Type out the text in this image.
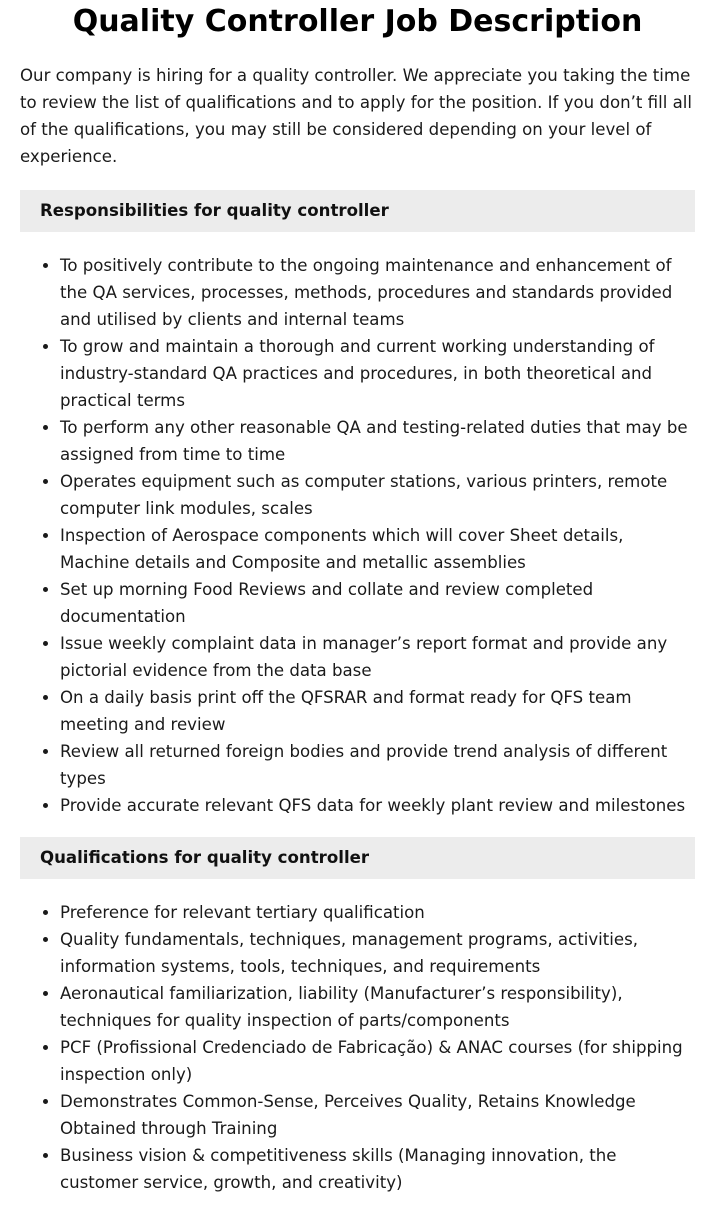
Quality Controller Job Description

Our company is hiring for a quality controller. We appreciate you taking the time to review the list of qualifications and to apply for the position. If you don’t fill all of the qualifications, you may still be considered depending on your level of experience.

Responsibilities for quality controller
• To positively contribute to the ongoing maintenance and enhancement of the QA services, processes, methods, procedures and standards provided and utilised by clients and internal teams
• To grow and maintain a thorough and current working understanding of industry-standard QA practices and procedures, in both theoretical and practical terms
• To perform any other reasonable QA and testing-related duties that may be assigned from time to time
• Operates equipment such as computer stations, various printers, remote computer link modules, scales
• Inspection of Aerospace components which will cover Sheet details, Machine details and Composite and metallic assemblies
• Set up morning Food Reviews and collate and review completed documentation
• Issue weekly complaint data in manager’s report format and provide any pictorial evidence from the data base
• On a daily basis print off the QFSRAR and format ready for QFS team meeting and review
• Review all returned foreign bodies and provide trend analysis of different types
• Provide accurate relevant QFS data for weekly plant review and milestones
Qualifications for quality controller
• Preference for relevant tertiary qualification
• Quality fundamentals, techniques, management programs, activities, information systems, tools, techniques, and requirements
• Aeronautical familiarization, liability (Manufacturer’s responsibility), techniques for quality inspection of parts/components
• PCF (Profissional Credenciado de Fabricação) & ANAC courses (for shipping inspection only)
• Demonstrates Common-Sense, Perceives Quality, Retains Knowledge Obtained through Training
• Business vision & competitiveness skills (Managing innovation, the customer service, growth, and creativity)
